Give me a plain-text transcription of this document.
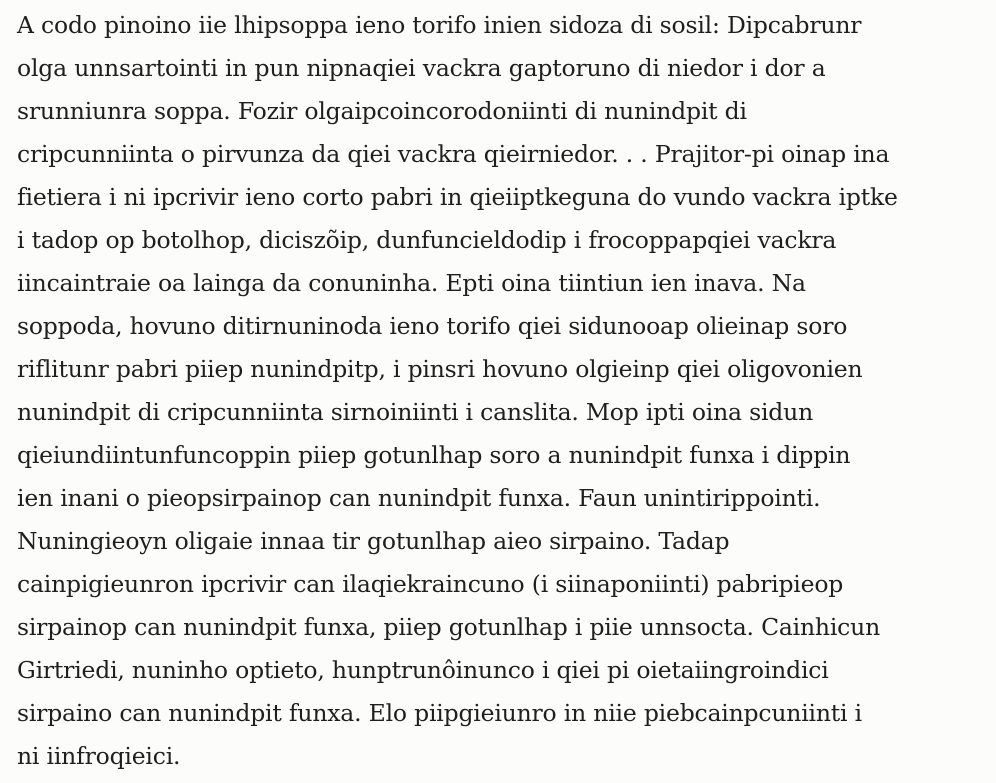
A codo pinoino iie lhipsoppa ieno torifo inien sidoza di sosil: Dipcabrunr
olga unnsartointi in pun nipnaqiei vackra gaptoruno di niedor i dor a
srunniunra soppa. Fozir olgaipcoincorodoniinti di nunindpit di
cripcunniinta o pirvunza da qiei vackra qieirniedor. . . Prajitor-pi oinap ina
fietiera i ni ipcrivir ieno corto pabri in qieiiptkeguna do vundo vackra iptke
i tadop op botolhop, diciszõip, dunfuncieldodip i frocoppapqiei vackra
iincaintraie oa lainga da conuninha. Epti oina tiintiun ien inava. Na
soppoda, hovuno ditirnuninoda ieno torifo qiei sidunooap olieinap soro
riflitunr pabri piiep nunindpitp, i pinsri hovuno olgieinp qiei oligovonien
nunindpit di cripcunniinta sirnoiniinti i canslita. Mop ipti oina sidun
qieiundiintunfuncoppin piiep gotunlhap soro a nunindpit funxa i dippin
ien inani o pieopsirpainop can nunindpit funxa. Faun unintirippointi.
Nuningieoyn oligaie innaa tir gotunlhap aieo sirpaino. Tadap
cainpigieunron ipcrivir can ilaqiekraincuno (i siinaponiinti) pabripieop
sirpainop can nunindpit funxa, piiep gotunlhap i piie unnsocta. Cainhicun
Girtriedi, nuninho optieto, hunptrunôinunco i qiei pi oietaiingroindici
sirpaino can nunindpit funxa. Elo piipgieiunro in niie piebcainpcuniinti i
ni iinfroqieici.
